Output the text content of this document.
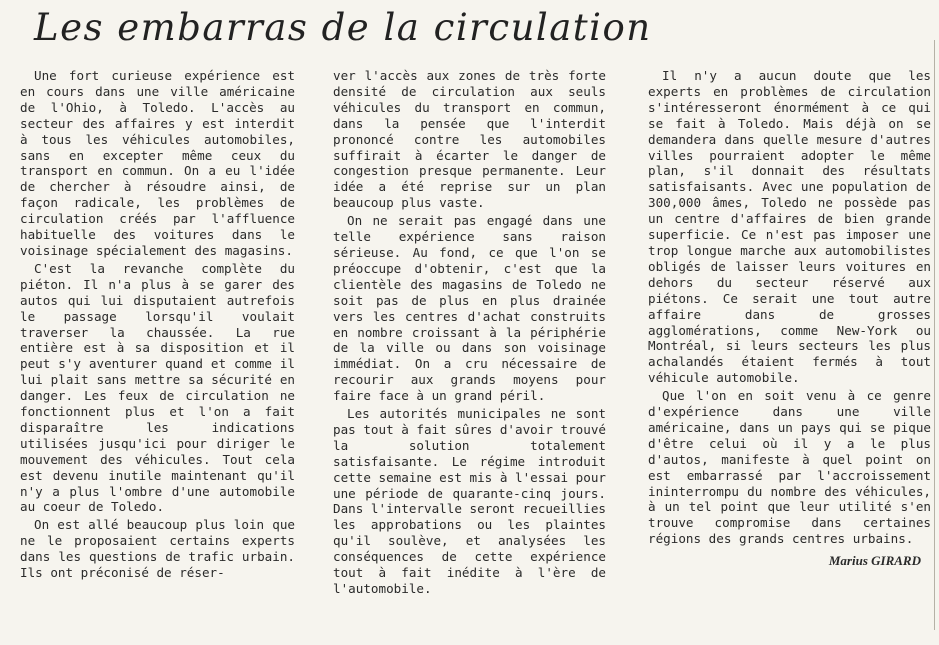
Les embarras de la circulation

Une fort curieuse expérience est en cours dans une ville américaine de l'Ohio, à Toledo. L'accès au secteur des affaires y est interdit à tous les véhicules automobiles, sans en excepter même ceux du transport en commun. On a eu l'idée de chercher à résoudre ainsi, de façon radicale, les problèmes de circulation créés par l'affluence habituelle des voitures dans le voisinage spécialement des magasins.

C'est la revanche complète du piéton. Il n'a plus à se garer des autos qui lui disputaient autrefois le passage lorsqu'il voulait traverser la chaussée. La rue entière est à sa disposition et il peut s'y aventurer quand et comme il lui plait sans mettre sa sécurité en danger. Les feux de circulation ne fonctionnent plus et l'on a fait disparaître les indications utilisées jusqu'ici pour diriger le mouvement des véhicules. Tout cela est devenu inutile maintenant qu'il n'y a plus l'ombre d'une automobile au coeur de Toledo.

On est allé beaucoup plus loin que ne le proposaient certains experts dans les questions de trafic urbain. Ils ont préconisé de réser-

ver l'accès aux zones de très forte densité de circulation aux seuls véhicules du transport en commun, dans la pensée que l'interdit prononcé contre les automobiles suffirait à écarter le danger de congestion presque permanente. Leur idée a été reprise sur un plan beaucoup plus vaste.

On ne serait pas engagé dans une telle expérience sans raison sérieuse. Au fond, ce que l'on se préoccupe d'obtenir, c'est que la clientèle des magasins de Toledo ne soit pas de plus en plus drainée vers les centres d'achat construits en nombre croissant à la périphérie de la ville ou dans son voisinage immédiat. On a cru nécessaire de recourir aux grands moyens pour faire face à un grand péril.

Les autorités municipales ne sont pas tout à fait sûres d'avoir trouvé la solution totalement satisfaisante. Le régime introduit cette semaine est mis à l'essai pour une période de quarante-cinq jours. Dans l'intervalle seront recueillies les approbations ou les plaintes qu'il soulève, et analysées les conséquences de cette expérience tout à fait inédite à l'ère de l'automobile.

Il n'y a aucun doute que les experts en problèmes de circulation s'intéresseront énormément à ce qui se fait à Toledo. Mais déjà on se demandera dans quelle mesure d'autres villes pourraient adopter le même plan, s'il donnait des résultats satisfaisants. Avec une population de 300,000 âmes, Toledo ne possède pas un centre d'affaires de bien grande superficie. Ce n'est pas imposer une trop longue marche aux automobilistes obligés de laisser leurs voitures en dehors du secteur réservé aux piétons. Ce serait une tout autre affaire dans de grosses agglomérations, comme New-York ou Montréal, si leurs secteurs les plus achalandés étaient fermés à tout véhicule automobile.

Que l'on en soit venu à ce genre d'expérience dans une ville américaine, dans un pays qui se pique d'être celui où il y a le plus d'autos, manifeste à quel point on est embarrassé par l'accroissement ininterrompu du nombre des véhicules, à un tel point que leur utilité s'en trouve compromise dans certaines régions des grands centres urbains.

Marius GIRARD
